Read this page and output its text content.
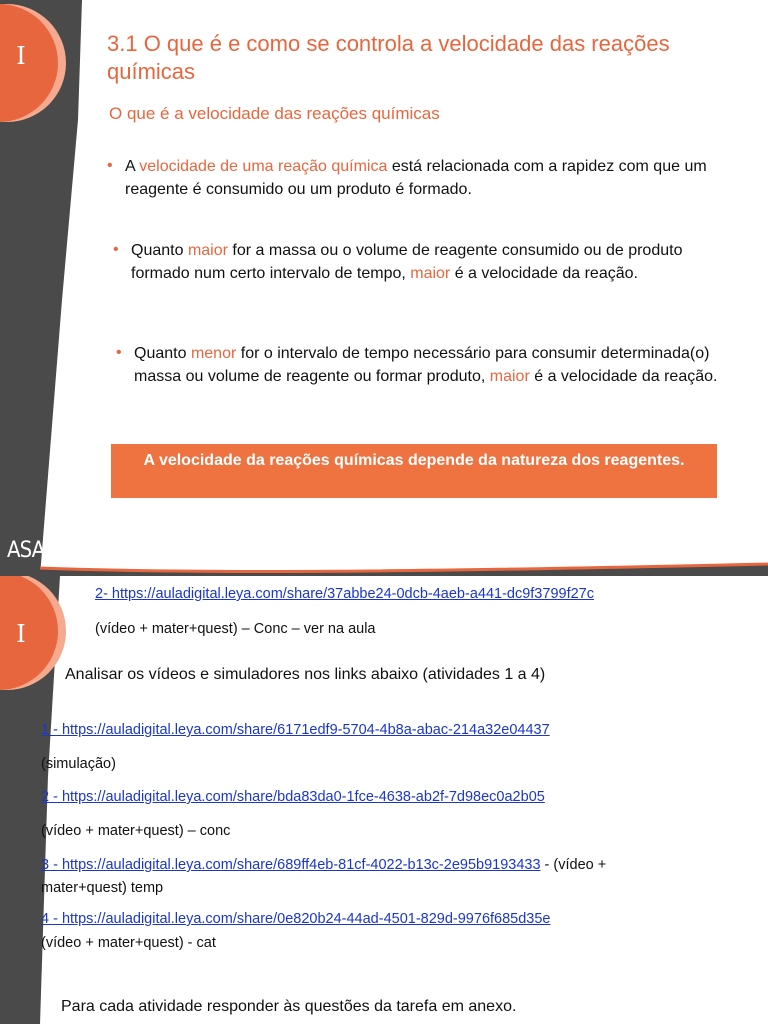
I
ASA
3.1 O que é e como se controla a velocidade das reações químicas
O que é a velocidade das reações químicas
• A velocidade de uma reação química está relacionada com a rapidez com que um reagente é consumido ou um produto é formado.
• Quanto maior for a massa ou o volume de reagente consumido ou de produto formado num certo intervalo de tempo, maior é a velocidade da reação.
• Quanto menor for o intervalo de tempo necessário para consumir determinada(o) massa ou volume de reagente ou formar produto, maior é a velocidade da reação.
A velocidade da reações químicas depende da natureza dos reagentes.
I
2- https://auladigital.leya.com/share/37abbe24-0dcb-4aeb-a441-dc9f3799f27c
(vídeo + mater+quest) – Conc – ver na aula
Analisar os vídeos e simuladores nos links abaixo (atividades 1 a 4)
1 - https://auladigital.leya.com/share/6171edf9-5704-4b8a-abac-214a32e04437
(simulação)
2 - https://auladigital.leya.com/share/bda83da0-1fce-4638-ab2f-7d98ec0a2b05
(vídeo + mater+quest) – conc
3 - https://auladigital.leya.com/share/689ff4eb-81cf-4022-b13c-2e95b9193433 - (vídeo +
mater+quest) temp
4 - https://auladigital.leya.com/share/0e820b24-44ad-4501-829d-9976f685d35e
(vídeo + mater+quest) - cat
Para cada atividade responder às questões da tarefa em anexo.
